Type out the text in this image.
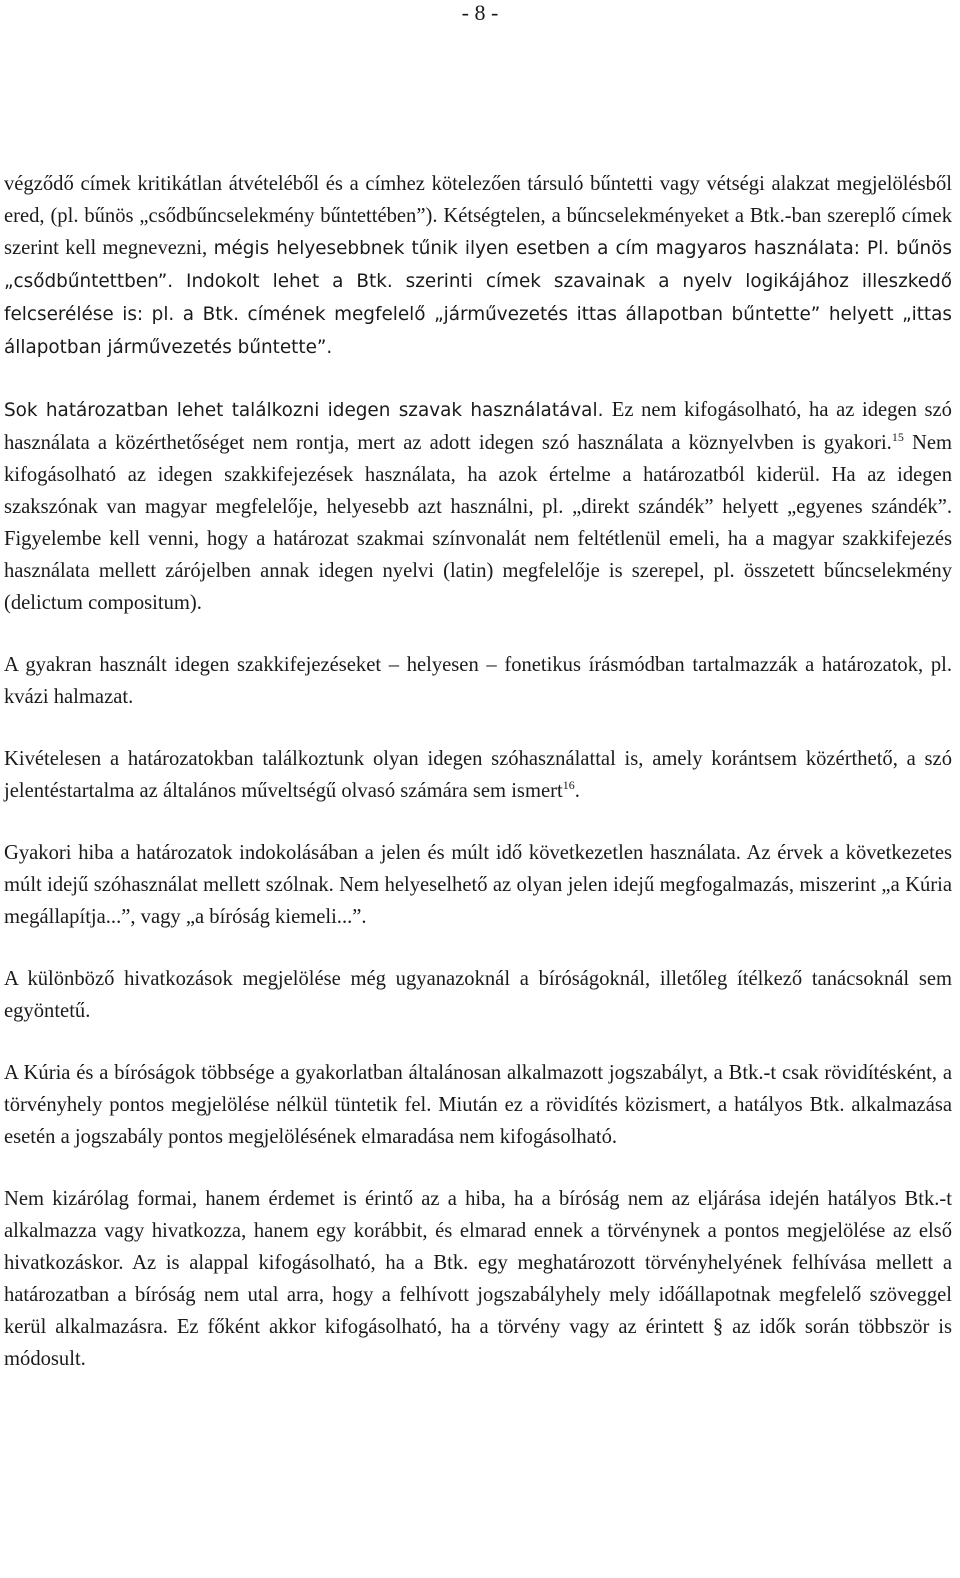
- 8 -

végződő címek kritikátlan átvételéből és a címhez kötelezően társuló bűntetti vagy vétségi alakzat megjelölésből ered, (pl. bűnös „csődbűncselekmény bűntettében”). Kétségtelen, a bűncselekményeket a Btk.-ban szereplő címek szerint kell megnevezni, mégis helyesebbnek tűnik ilyen esetben a cím magyaros használata: Pl. bűnös „csődbűntettben”. Indokolt lehet a Btk. szerinti címek szavainak a nyelv logikájához illeszkedő felcserélése is: pl. a Btk. címének megfelelő „járművezetés ittas állapotban bűntette” helyett „ittas állapotban járművezetés bűntette”.

Sok határozatban lehet találkozni idegen szavak használatával. Ez nem kifogásolható, ha az idegen szó használata a közérthetőséget nem rontja, mert az adott idegen szó használata a köznyelvben is gyakori.$^{15}$ Nem kifogásolható az idegen szakkifejezések használata, ha azok értelme a határozatból kiderül. Ha az idegen szakszónak van magyar megfelelője, helyesebb azt használni, pl. „direkt szándék” helyett „egyenes szándék”. Figyelembe kell venni, hogy a határozat szakmai színvonalát nem feltétlenül emeli, ha a magyar szakkifejezés használata mellett zárójelben annak idegen nyelvi (latin) megfelelője is szerepel, pl. összetett bűncselekmény (delictum compositum).

A gyakran használt idegen szakkifejezéseket – helyesen – fonetikus írásmódban tartalmazzák a határozatok, pl. kvázi halmazat.

Kivételesen a határozatokban találkoztunk olyan idegen szóhasználattal is, amely korántsem közérthető, a szó jelentéstartalma az általános műveltségű olvasó számára sem ismert$^{16}$.

Gyakori hiba a határozatok indokolásában a jelen és múlt idő következetlen használata. Az érvek a következetes múlt idejű szóhasználat mellett szólnak. Nem helyeselhető az olyan jelen idejű megfogalmazás, miszerint „a Kúria megállapítja...”, vagy „a bíróság kiemeli...”.

A különböző hivatkozások megjelölése még ugyanazoknál a bíróságoknál, illetőleg ítélkező tanácsoknál sem egyöntetű.

A Kúria és a bíróságok többsége a gyakorlatban általánosan alkalmazott jogszabályt, a Btk.-t csak rövidítésként, a törvényhely pontos megjelölése nélkül tüntetik fel. Miután ez a rövidítés közismert, a hatályos Btk. alkalmazása esetén a jogszabály pontos megjelölésének elmaradása nem kifogásolható.

Nem kizárólag formai, hanem érdemet is érintő az a hiba, ha a bíróság nem az eljárása idején hatályos Btk.-t alkalmazza vagy hivatkozza, hanem egy korábbit, és elmarad ennek a törvénynek a pontos megjelölése az első hivatkozáskor. Az is alappal kifogásolható, ha a Btk. egy meghatározott törvényhelyének felhívása mellett a határozatban a bíróság nem utal arra, hogy a felhívott jogszabályhely mely időállapotnak megfelelő szöveggel kerül alkalmazásra. Ez főként akkor kifogásolható, ha a törvény vagy az érintett § az idők során többször is módosult.
